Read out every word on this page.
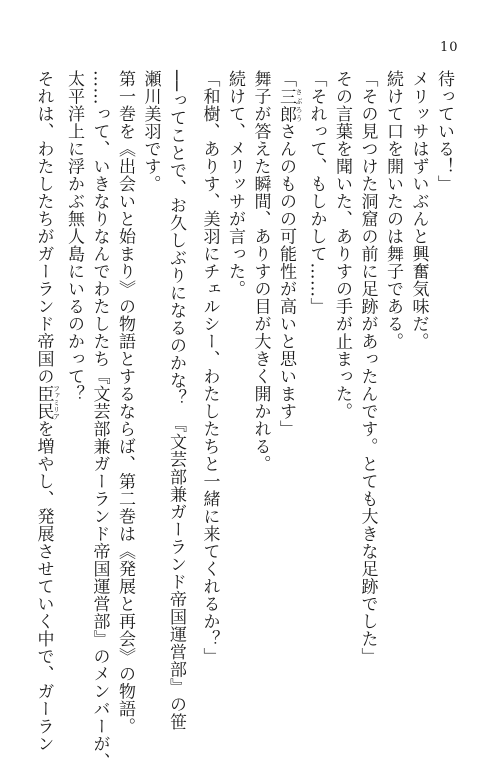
10
待っている！」
メリッサはずいぶんと興奮気味だ。
続けて口を開いたのは舞子である。
「その見つけた洞窟の前に足跡があったんです。とても大きな足跡でした」
その言葉を聞いた、ありすの手が止まった。
「それって、もしかして……」
「三郎 さぶろうさんのものの可能性が高いと思います」
舞子が答えた瞬間、ありすの目が大きく開かれる。
続けて、メリッサが言った。
「和樹、ありす、美羽にチェルシー、わたしたちと一緒に来てくれるか？」
──ってことで、お久しぶりになるのかな？　『文芸部兼ガーランド帝国運営部』の笹
瀬川美羽です。
第一巻を《出会いと始まり》の物語とするならば、第二巻は《発展と再会》の物語。
……って、いきなりなんでわたしたち『文芸部兼ガーランド帝国運営部』のメンバーが、
太平洋上に浮かぶ無人島にいるのかって？
それは、わたしたちがガーランド帝国の臣民 ファミリアを増やし、発展させていく中で、ガーラン
